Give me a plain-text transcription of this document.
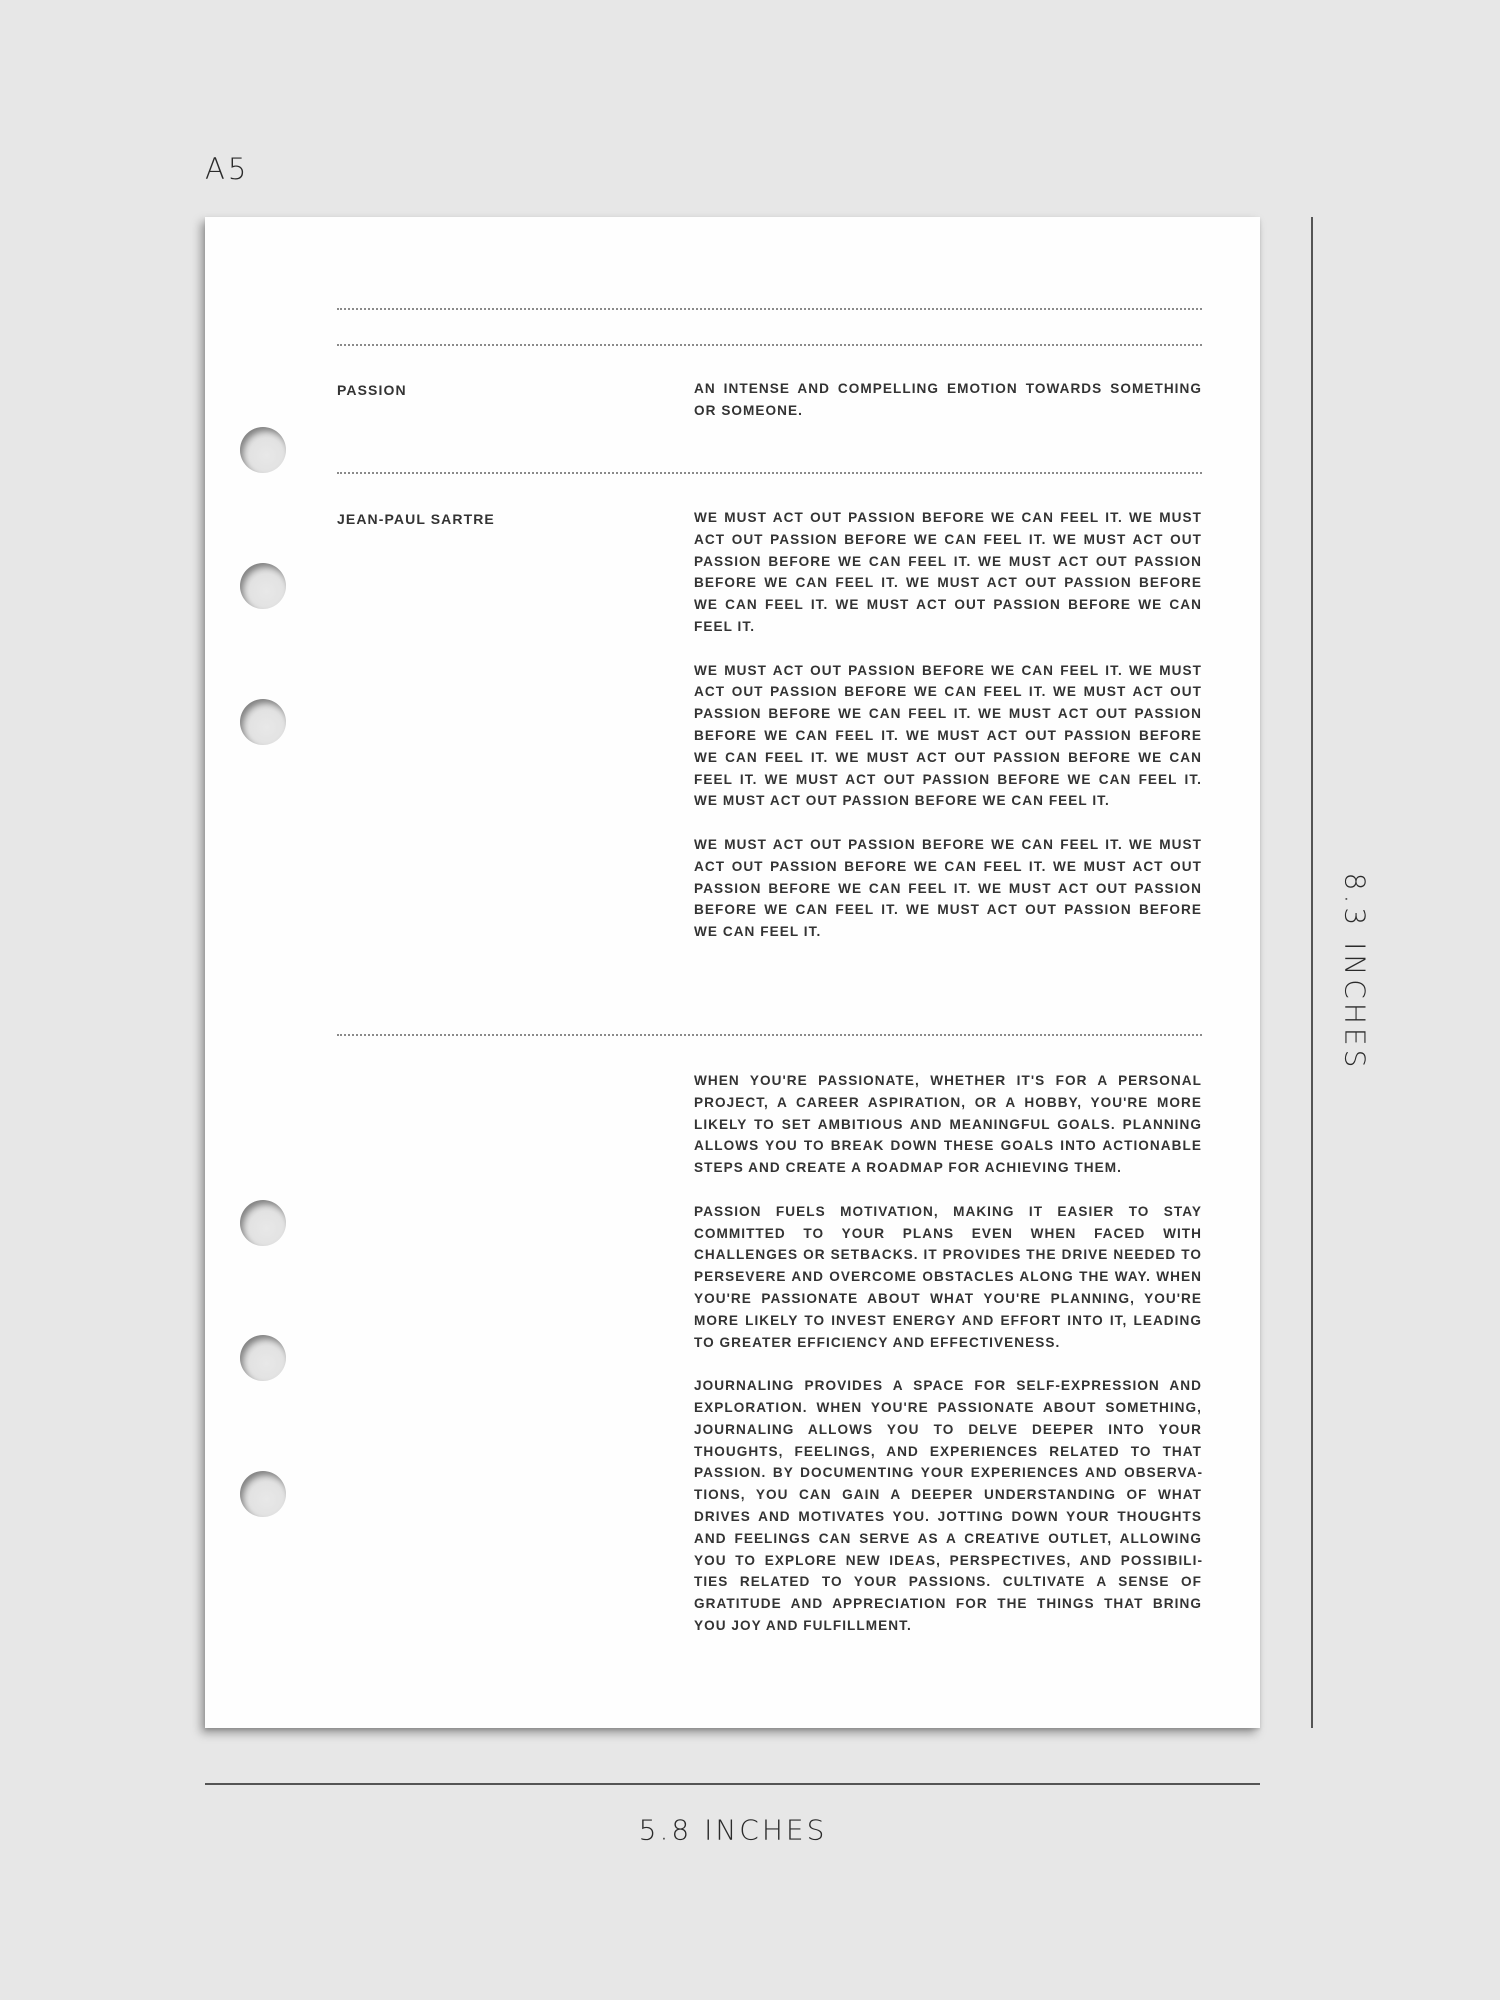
A5
PASSION	AN INTENSE AND COMPELLING EMOTION TOWARDS SOMETHING OR SOMEONE.

JEAN-PAUL SARTRE	WE MUST ACT OUT PASSION BEFORE WE CAN FEEL IT. WE MUST ACT OUT PASSION BEFORE WE CAN FEEL IT. WE MUST ACT OUT PASSION BEFORE WE CAN FEEL IT. WE MUST ACT OUT PASSION BEFORE WE CAN FEEL IT. WE MUST ACT OUT PASSION BEFORE WE CAN FEEL IT. WE MUST ACT OUT PASSION BEFORE WE CAN FEEL IT.

WE MUST ACT OUT PASSION BEFORE WE CAN FEEL IT. WE MUST ACT OUT PASSION BEFORE WE CAN FEEL IT. WE MUST ACT OUT PASSION BEFORE WE CAN FEEL IT. WE MUST ACT OUT PASSION BEFORE WE CAN FEEL IT. WE MUST ACT OUT PASSION BEFORE WE CAN FEEL IT. WE MUST ACT OUT PASSION BEFORE WE CAN FEEL IT. WE MUST ACT OUT PASSION BEFORE WE CAN FEEL IT. WE MUST ACT OUT PASSION BEFORE WE CAN FEEL IT.

WE MUST ACT OUT PASSION BEFORE WE CAN FEEL IT. WE MUST ACT OUT PASSION BEFORE WE CAN FEEL IT. WE MUST ACT OUT PASSION BEFORE WE CAN FEEL IT. WE MUST ACT OUT PASSION BEFORE WE CAN FEEL IT. WE MUST ACT OUT PASSION BEFORE WE CAN FEEL IT.

WHEN YOU'RE PASSIONATE, WHETHER IT'S FOR A PERSONAL PROJECT, A CAREER ASPIRATION, OR A HOBBY, YOU'RE MORE LIKELY TO SET AMBITIOUS AND MEANINGFUL GOALS. PLANNING ALLOWS YOU TO BREAK DOWN THESE GOALS INTO ACTIONABLE STEPS AND CREATE A ROADMAP FOR ACHIEVING THEM.

PASSION FUELS MOTIVATION, MAKING IT EASIER TO STAY COMMITTED TO YOUR PLANS EVEN WHEN FACED WITH CHALLENGES OR SETBACKS. IT PROVIDES THE DRIVE NEEDED TO PERSEVERE AND OVERCOME OBSTACLES ALONG THE WAY. WHEN YOU'RE PASSIONATE ABOUT WHAT YOU'RE PLANNING, YOU'RE MORE LIKELY TO INVEST ENERGY AND EFFORT INTO IT, LEADING TO GREATER EFFICIENCY AND EFFECTIVENESS.

JOURNALING PROVIDES A SPACE FOR SELF-EXPRESSION AND EXPLORATION. WHEN YOU'RE PASSIONATE ABOUT SOMETHING, JOURNALING ALLOWS YOU TO DELVE DEEPER INTO YOUR THOUGHTS, FEELINGS, AND EXPERIENCES RELATED TO THAT PASSION. BY DOCUMENTING YOUR EXPERIENCES AND OBSERVATIONS, YOU CAN GAIN A DEEPER UNDERSTANDING OF WHAT DRIVES AND MOTIVATES YOU. JOTTING DOWN YOUR THOUGHTS AND FEELINGS CAN SERVE AS A CREATIVE OUTLET, ALLOWING YOU TO EXPLORE NEW IDEAS, PERSPECTIVES, AND POSSIBILITIES RELATED TO YOUR PASSIONS. CULTIVATE A SENSE OF GRATITUDE AND APPRECIATION FOR THE THINGS THAT BRING YOU JOY AND FULFILLMENT.

8.3 INCHES
5.8 INCHES
